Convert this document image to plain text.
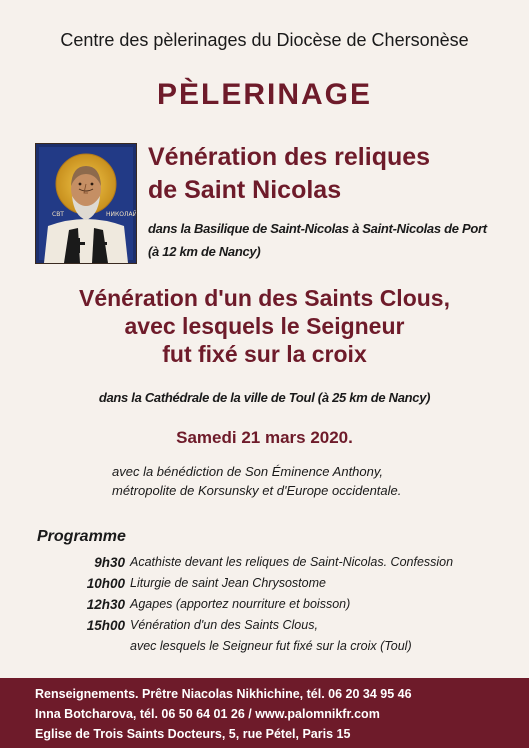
Centre des pèlerinages du Diocèse de Chersonèse
PÈLERINAGE
СВТ	НИКОЛАЙ
Vénération des reliques
de Saint Nicolas
dans la Basilique de Saint-Nicolas à Saint-Nicolas de Port
(à 12 km de Nancy)
Vénération d'un des Saints Clous,
avec lesquels le Seigneur
fut fixé sur la croix
dans la Cathédrale de la ville de Toul (à 25 km de Nancy)
Samedi 21 mars 2020.
avec la bénédiction de Son Éminence Anthony,
métropolite de Korsunsky et d'Europe occidentale.
Programme
9h30 Acathiste devant les reliques de Saint-Nicolas. Confession
10h00 Liturgie de saint Jean Chrysostome
12h30 Agapes (apportez nourriture et boisson)
15h00 Vénération d'un des Saints Clous,
avec lesquels le Seigneur fut fixé sur la croix (Toul)
Renseignements. Prêtre Niacolas Nikhichine, tél. 06 20 34 95 46
Inna Botcharova, tél. 06 50 64 01 26 / www.palomnikfr.com
Eglise de Trois Saints Docteurs, 5, rue Pétel, Paris 15
